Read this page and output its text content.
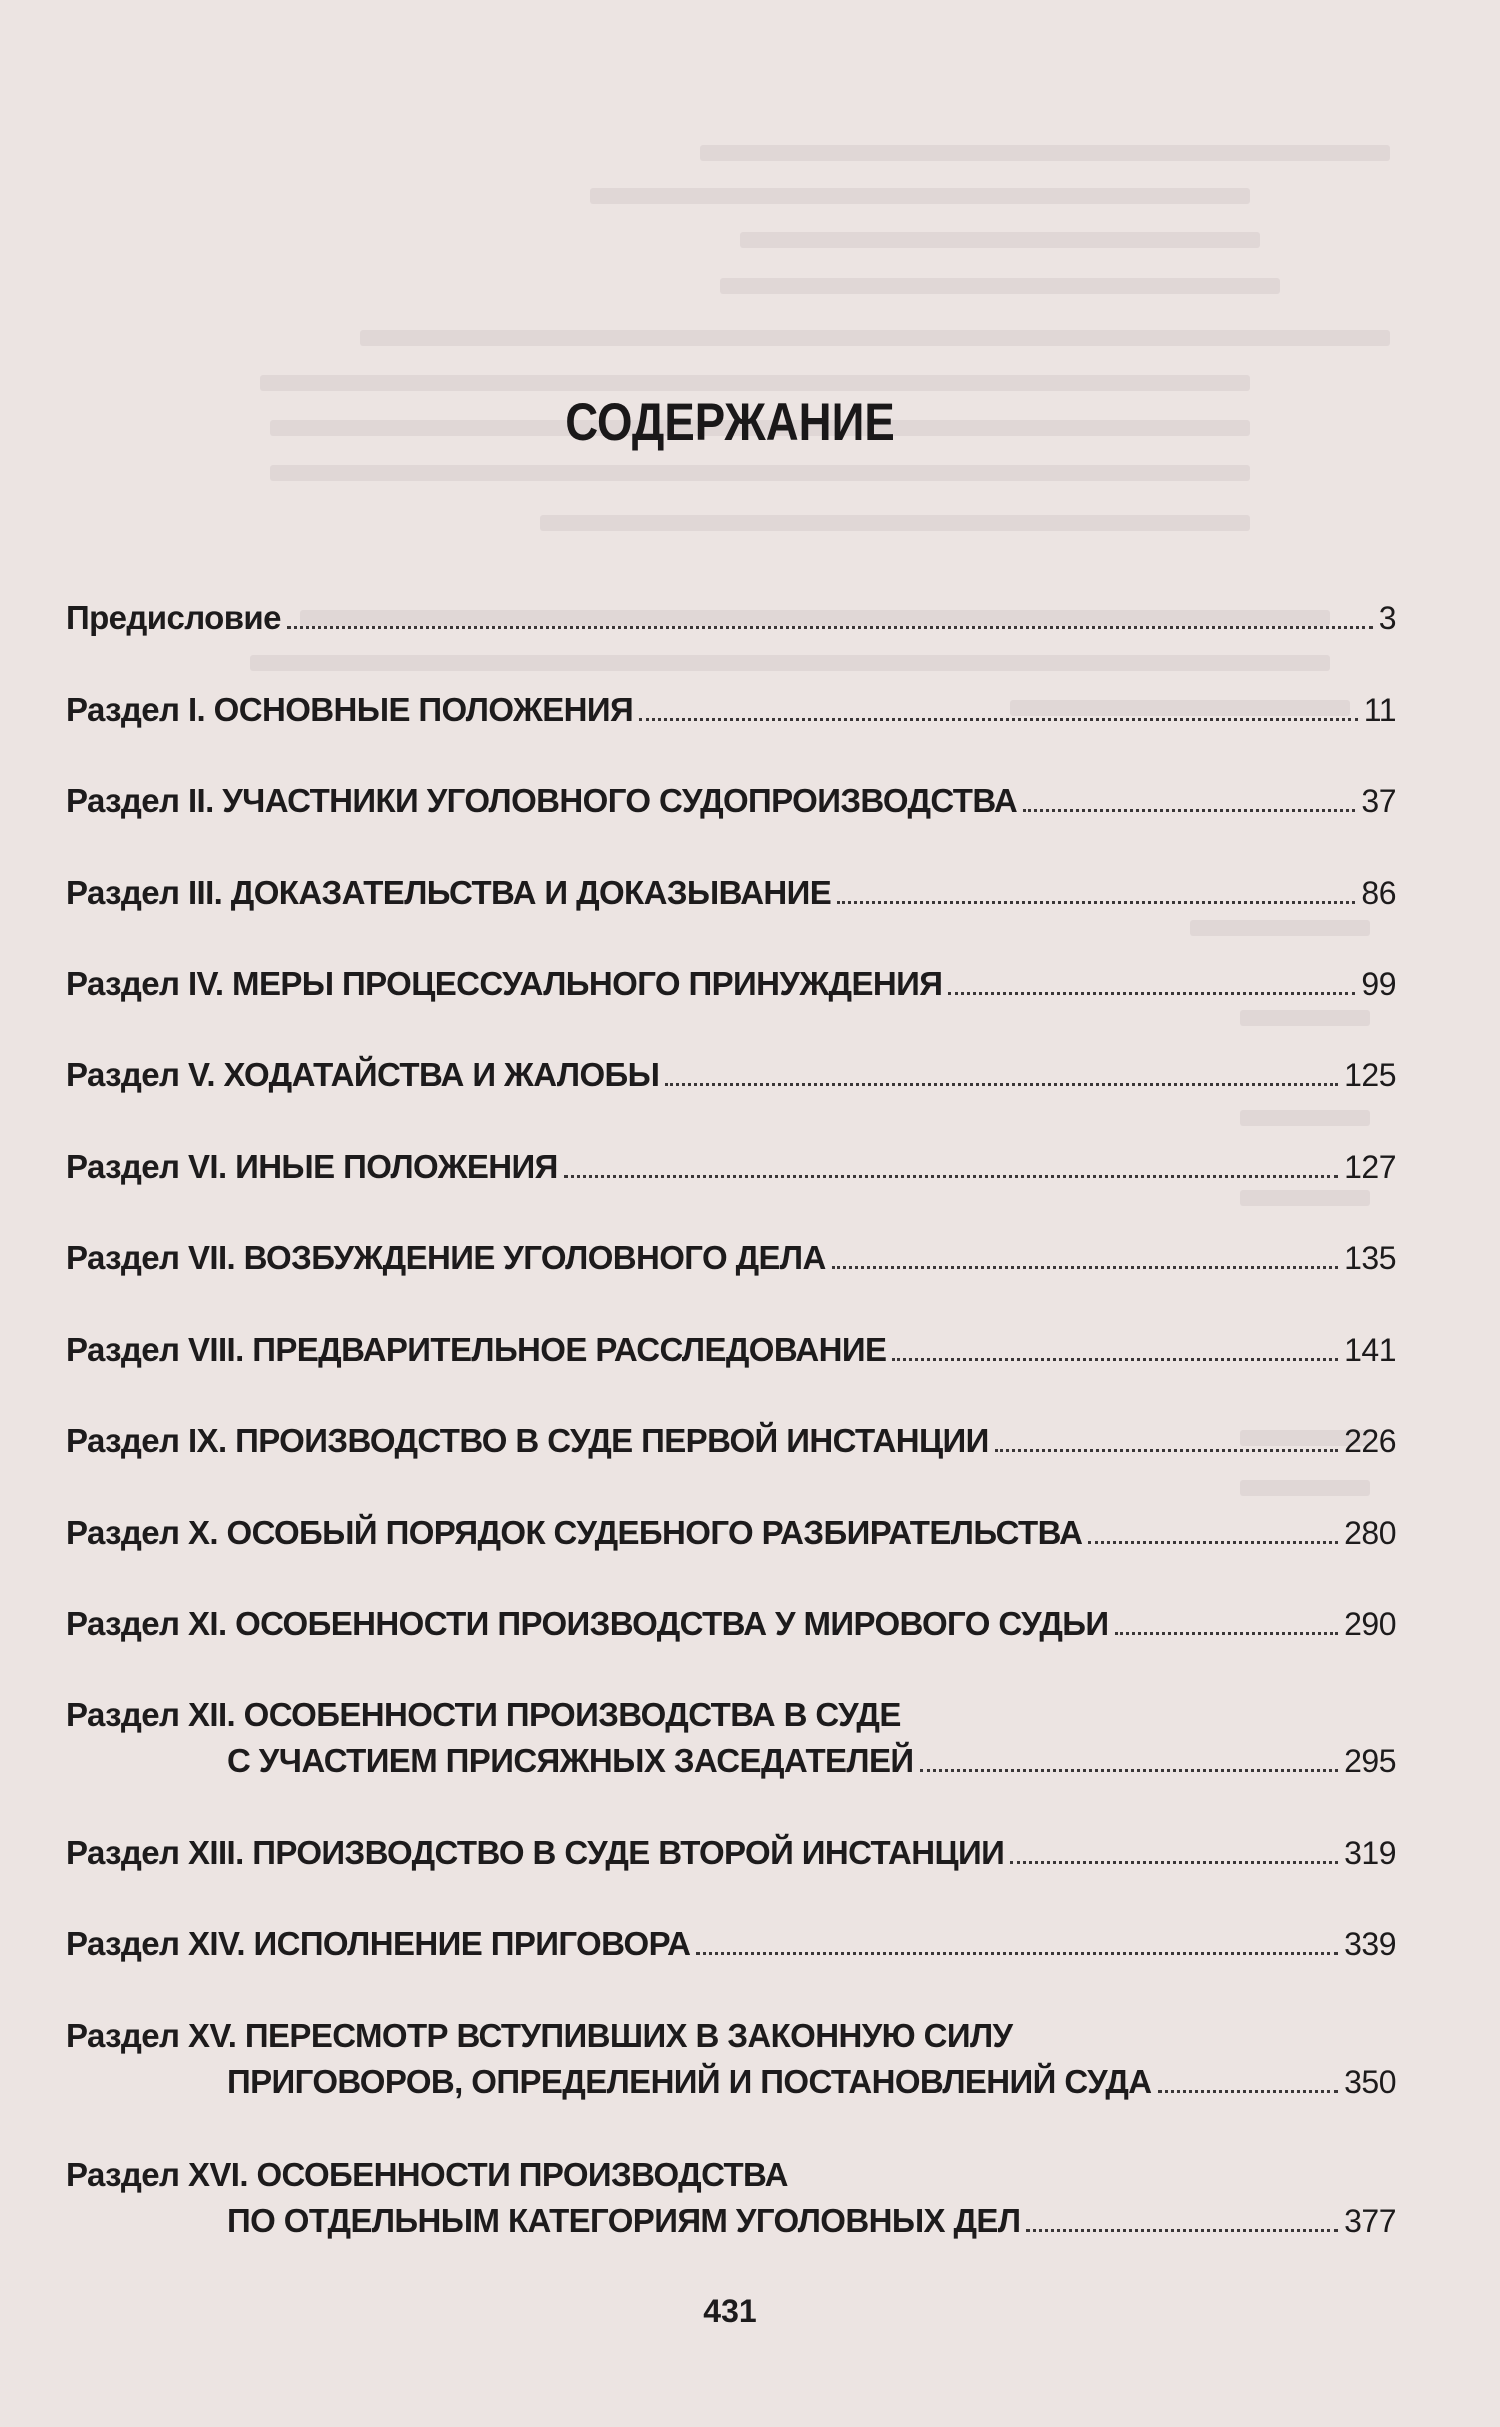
СОДЕРЖАНИЕ
Предисловие	3
Раздел I. ОСНОВНЫЕ ПОЛОЖЕНИЯ	11
Раздел II. УЧАСТНИКИ УГОЛОВНОГО СУДОПРОИЗВОДСТВА	37
Раздел III. ДОКАЗАТЕЛЬСТВА И ДОКАЗЫВАНИЕ	86
Раздел IV. МЕРЫ ПРОЦЕССУАЛЬНОГО ПРИНУЖДЕНИЯ	99
Раздел V. ХОДАТАЙСТВА И ЖАЛОБЫ	125
Раздел VI. ИНЫЕ ПОЛОЖЕНИЯ	127
Раздел VII. ВОЗБУЖДЕНИЕ УГОЛОВНОГО ДЕЛА	135
Раздел VIII. ПРЕДВАРИТЕЛЬНОЕ РАССЛЕДОВАНИЕ	141
Раздел IX. ПРОИЗВОДСТВО В СУДЕ ПЕРВОЙ ИНСТАНЦИИ	226
Раздел X. ОСОБЫЙ ПОРЯДОК СУДЕБНОГО РАЗБИРАТЕЛЬСТВА	280
Раздел XI. ОСОБЕННОСТИ ПРОИЗВОДСТВА У МИРОВОГО СУДЬИ	290
Раздел XII. ОСОБЕННОСТИ ПРОИЗВОДСТВА В СУДЕ
С УЧАСТИЕМ ПРИСЯЖНЫХ ЗАСЕДАТЕЛЕЙ	295
Раздел XIII. ПРОИЗВОДСТВО В СУДЕ ВТОРОЙ ИНСТАНЦИИ	319
Раздел XIV. ИСПОЛНЕНИЕ ПРИГОВОРА	339
Раздел XV. ПЕРЕСМОТР ВСТУПИВШИХ В ЗАКОННУЮ СИЛУ
ПРИГОВОРОВ, ОПРЕДЕЛЕНИЙ И ПОСТАНОВЛЕНИЙ СУДА	350
Раздел XVI. ОСОБЕННОСТИ ПРОИЗВОДСТВА
ПО ОТДЕЛЬНЫМ КАТЕГОРИЯМ УГОЛОВНЫХ ДЕЛ	377
431
